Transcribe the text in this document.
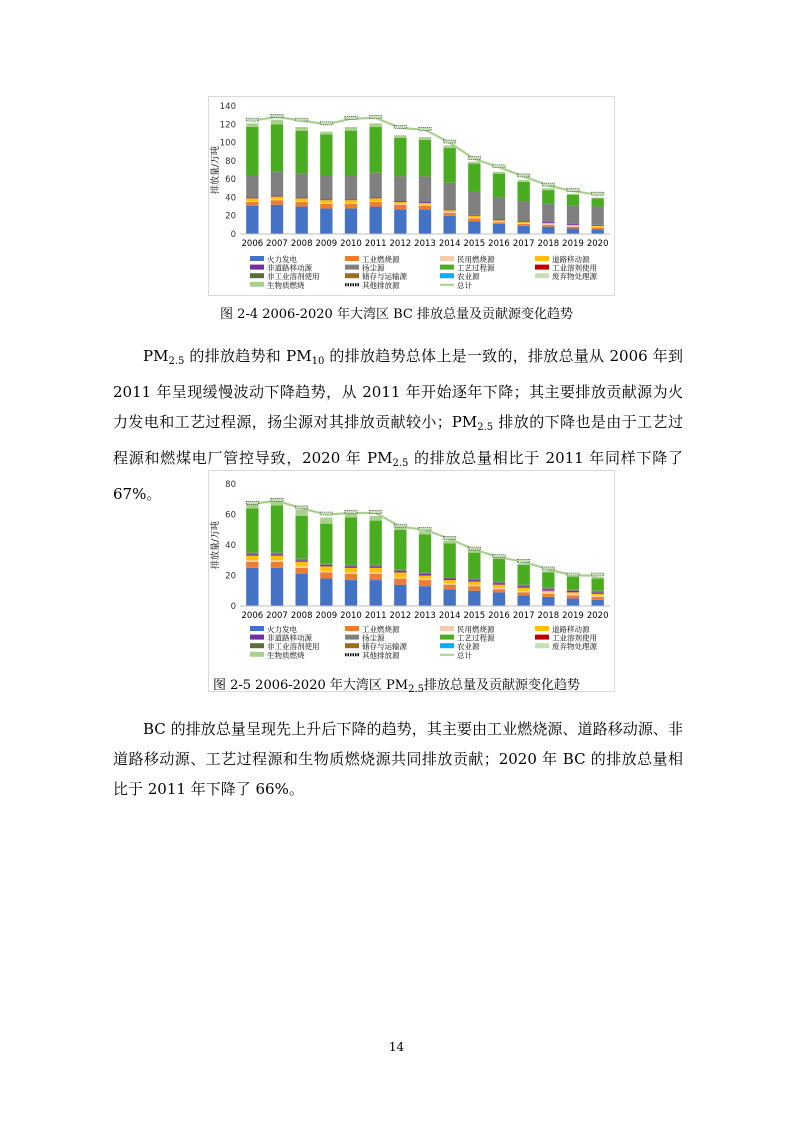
0
20
40
60
80
100
120
140
排放量/万吨
2006 2007 2008 2009 2010 2011 2012 2013 2014 2015 2016 2017 2018 2019 2020
火力发电	工业燃烧源	民用燃烧源	道路移动源
非道路移动源	扬尘源	工艺过程源	工业溶剂使用
非工业溶剂使用	储存与运输源	农业源	废弃物处理源
生物质燃烧	其他排放源	总计
图 2-4 2006-2020 年大湾区 BC 排放总量及贡献源变化趋势
$PM_{2.5}$ 的排放趋势和 $PM_{10}$ 的排放趋势总体上是一致的，排放总量从 2006 年到 2011 年呈现缓慢波动下降趋势，从 2011 年开始逐年下降；其主要排放贡献源为火力发电和工艺过程源，扬尘源对其排放贡献较小；$PM_{2.5}$ 排放的下降也是由于工艺过程源和燃煤电厂管控导致，2020 年 $PM_{2.5}$ 的排放总量相比于 2011 年同样下降了 67%。
0
20
40
60
80
排放量/万吨
2006 2007 2008 2009 2010 2011 2012 2013 2014 2015 2016 2017 2018 2019 2020
火力发电	工业燃烧源	民用燃烧源	道路移动源
非道路移动源	扬尘源	工艺过程源	工业溶剂使用
非工业溶剂使用	储存与运输源	农业源	废弃物处理源
生物质燃烧	其他排放源	总计
图 2-5 2006-2020 年大湾区 $PM_{2.5}$排放总量及贡献源变化趋势
BC 的排放总量呈现先上升后下降的趋势，其主要由工业燃烧源、道路移动源、非道路移动源、工艺过程源和生物质燃烧源共同排放贡献；2020 年 BC 的排放总量相比于 2011 年下降了 66%。
14
